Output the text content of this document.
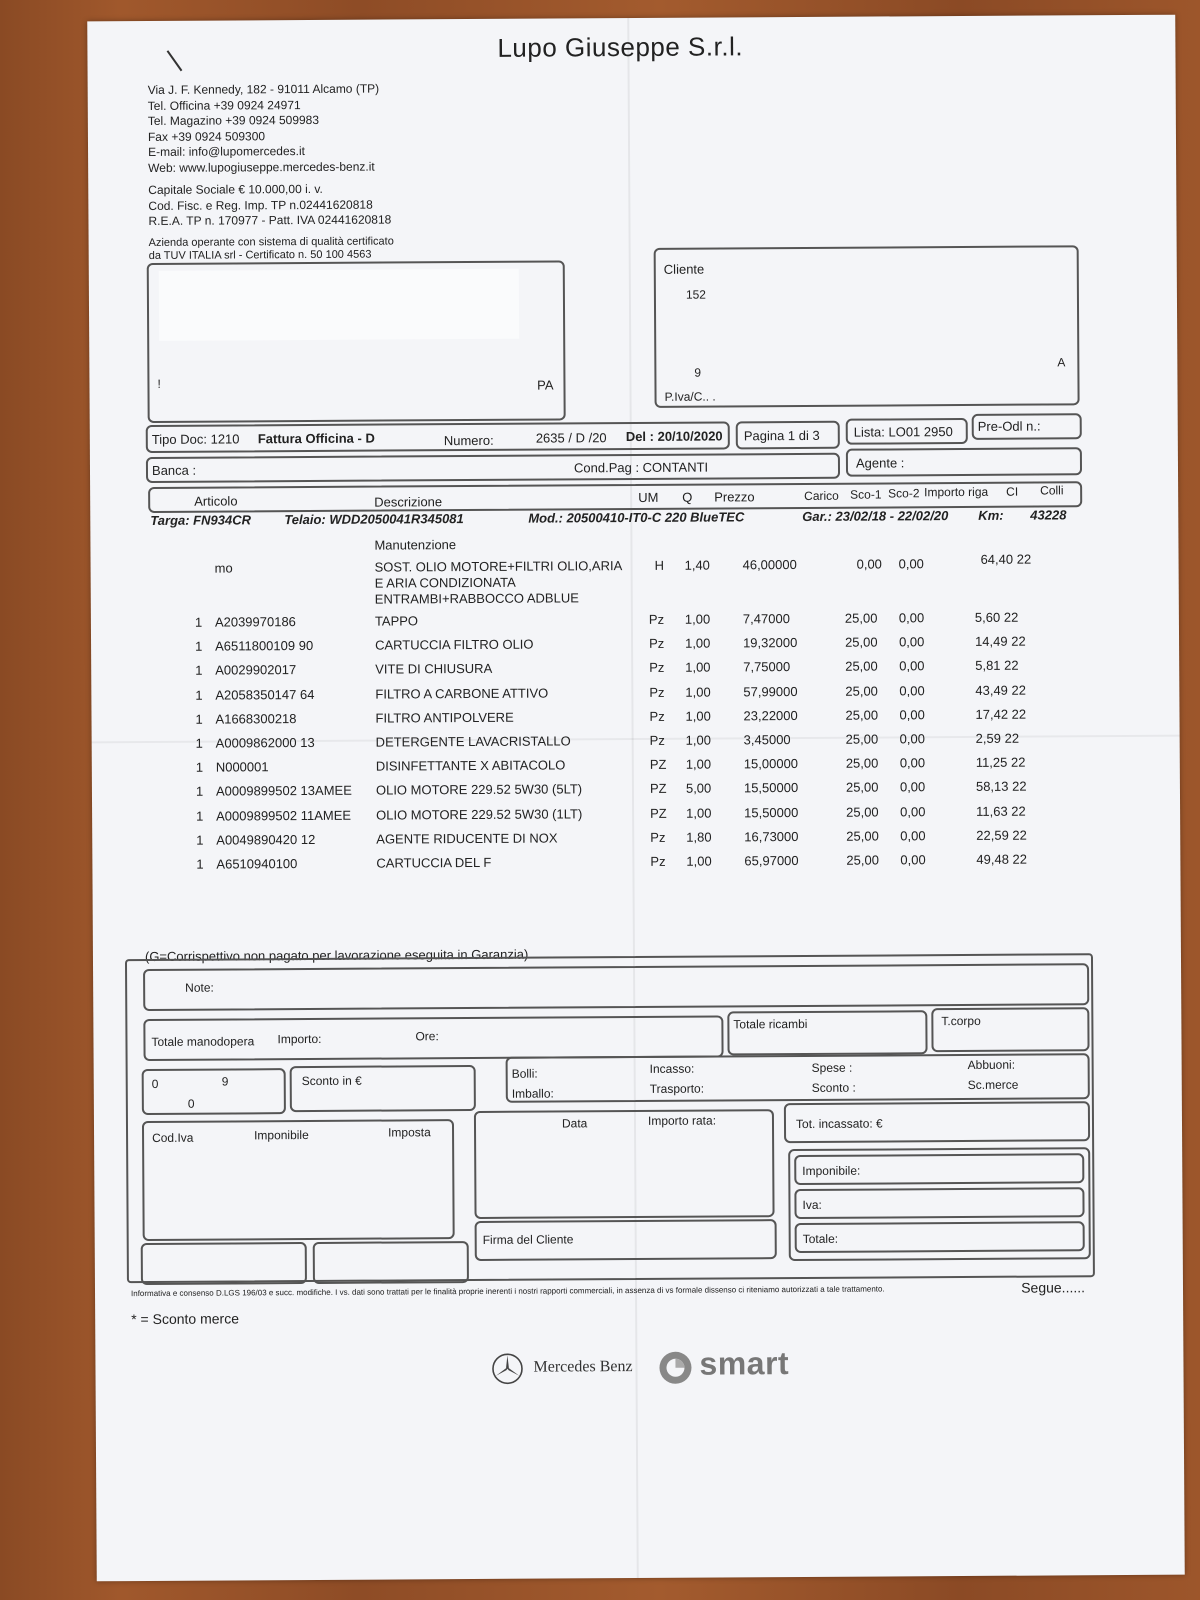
Lupo Giuseppe S.r.l.
Via J. F. Kennedy, 182 - 91011 Alcamo (TP)
Tel. Officina +39 0924 24971
Tel. Magazino +39 0924 509983
Fax +39 0924 509300
E-mail: info@lupomercedes.it
Web: www.lupogiuseppe.mercedes-benz.it
Capitale Sociale € 10.000,00 i. v.
Cod. Fisc. e Reg. Imp. TP n.02441620818
R.E.A. TP n. 170977 - Patt. IVA 02441620818
Azienda operante con sistema di qualità certificato
da TUV ITALIA srl - Certificato n. 50 100 4563
!	PA
Cliente
152
9
P.Iva/C.. .
A
Tipo Doc: 1210 Fattura Officina - D	Numero:	2635 / D /20 Del : 20/10/2020 Pagina 1 di 3	Lista: LO01 2950 Pre-Odl n.:
Banca :	Cond.Pag : CONTANTI	Agente :
Articolo	Descrizione	UM Q Prezzo	Carico Sco-1 Sco-2 Importo riga CI Colli
Targa: FN934CR	Telaio: WDD2050041R345081	Mod.: 20500410-IT0-C 220 BlueTEC	Gar.: 23/02/18 - 22/02/20 Km: 43228
Manutenzione
mo	SOST. OLIO MOTORE+FILTRI OLIO,ARIA
E ARIA CONDIZIONATA
ENTRAMBI+RABBOCCO ADBLUE
H 1,40	46,00000	0,00 0,00	64,40 22
1 A2039970186	TAPPO	Pz 1,00	7,47000	25,00 0,00	5,60 22
1 A6511800109 90	CARTUCCIA FILTRO OLIO	Pz 1,00	19,32000	25,00 0,00	14,49 22
1 A0029902017	VITE DI CHIUSURA	Pz 1,00	7,75000	25,00 0,00	5,81 22
1 A2058350147 64	FILTRO A CARBONE ATTIVO	Pz 1,00	57,99000	25,00 0,00	43,49 22
1 A1668300218	FILTRO ANTIPOLVERE	Pz 1,00	23,22000	25,00 0,00	17,42 22
1 A0009862000 13	DETERGENTE LAVACRISTALLO	Pz 1,00	3,45000	25,00 0,00	2,59 22
1 N000001	DISINFETTANTE X ABITACOLO	PZ 1,00	15,00000	25,00 0,00	11,25 22
1 A0009899502 13AMEE OLIO MOTORE 229.52 5W30 (5LT)	PZ 5,00	15,50000	25,00 0,00	58,13 22
1 A0009899502 11AMEE OLIO MOTORE 229.52 5W30 (1LT)	PZ 1,00	15,50000	25,00 0,00	11,63 22
1 A0049890420 12	AGENTE RIDUCENTE DI NOX	Pz 1,80	16,73000	25,00 0,00	22,59 22
1 A6510940100	CARTUCCIA DEL F	Pz 1,00	65,97000	25,00 0,00	49,48 22
(G=Corrispettivo non pagato per lavorazione eseguita in Garanzia)
Note:
Totale manodopera Importo:	Ore:
Totale ricambi	T.corpo
0	9
0
Sconto in €	Bolli:
Imballo:
Incasso:
Trasporto:
Spese :
Sconto :
Abbuoni:
Sc.merce
Cod.Iva	Imponibile	Imposta
Data	Importo rata:
Firma del Cliente
Tot. incassato: €
Imponibile:
Iva:
Totale:
Informativa e consenso D.LGS 196/03 e succ. modifiche. I vs. dati sono trattati per le finalità proprie inerenti i nostri rapporti commerciali, in assenza di vs formale dissenso ci riteniamo autorizzati a tale trattamento.	Segue......
* = Sconto merce
Mercedes Benz smart
